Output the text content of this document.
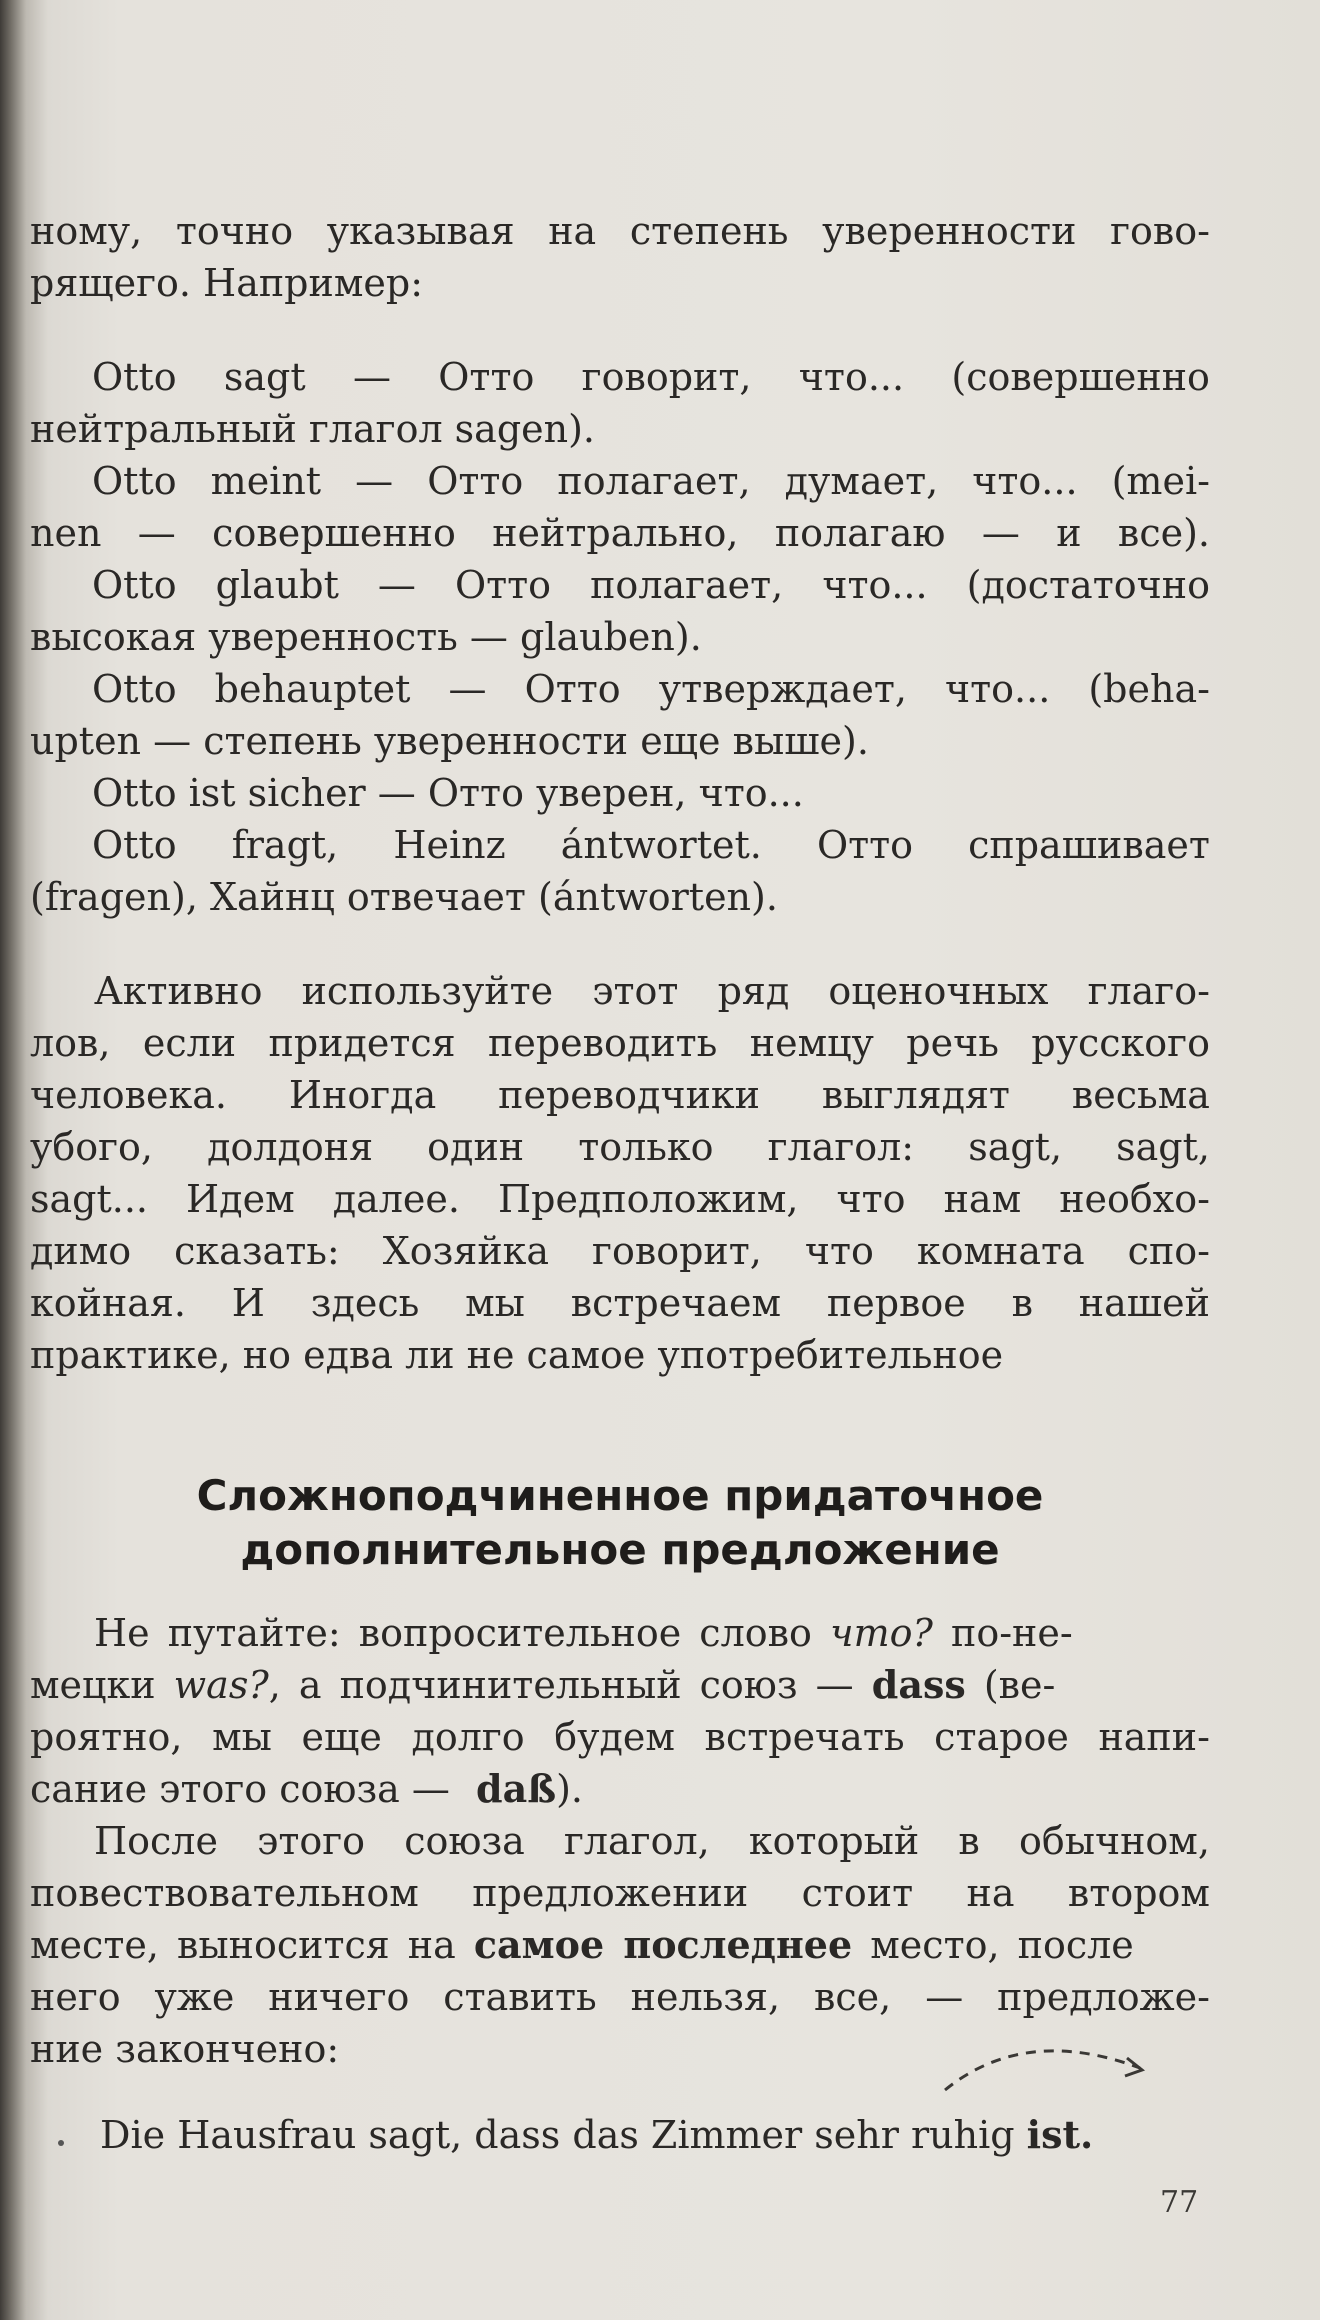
ному, точно указывая на степень уверенности гово-
рящего. Например:
Otto sagt — Отто говорит, что... (совершенно
нейтральный глагол sagen).
Otto meint — Отто полагает, думает, что... (mei-
nen — совершенно нейтрально, полагаю — и все).
Otto glaubt — Отто полагает, что... (достаточно
высокая уверенность — glauben).
Otto behauptet — Отто утверждает, что... (beha-
upten — степень уверенности еще выше).
Otto ist sicher — Отто уверен, что...
Otto fragt, Heinz ántwortet. Отто спрашивает
(fragen), Хайнц отвечает (ántworten).
Активно используйте этот ряд оценочных глаго-
лов, если придется переводить немцу речь русского
человека. Иногда переводчики выглядят весьма
убого, долдоня один только глагол: sagt, sagt,
sagt... Идем далее. Предположим, что нам необхо-
димо сказать: Хозяйка говорит, что комната спо-
койная. И здесь мы встречаем первое в нашей
практике, но едва ли не самое употребительное
Сложноподчиненное придаточное
дополнительное предложение
Не путайте: вопросительное слово что? по-не-
мецки was?, а подчинительный союз — dass (ве-
роятно, мы еще долго будем встречать старое напи-
сание этого союза — daß).
После этого союза глагол, который в обычном,
повествовательном предложении стоит на втором
месте, выносится на самое последнее место, после
него уже ничего ставить нельзя, все, — предложе-
ние закончено:
Die Hausfrau sagt, dass das Zimmer sehr ruhig ist.
77
